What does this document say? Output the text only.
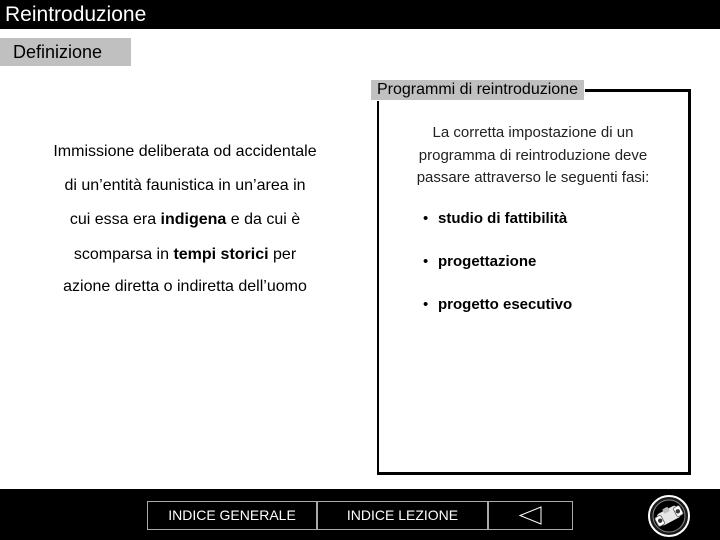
Reintroduzione
Definizione
Immissione deliberata od accidentale
di un’entità faunistica in un’area in
cui essa era indigena e da cui è
scomparsa in tempi storici per
azione diretta o indiretta dell’uomo
Programmi di reintroduzione
La corretta impostazione di un
programma di reintroduzione deve
passare attraverso le seguenti fasi:
• studio di fattibilità
• progettazione
• progetto esecutivo
INDICE GENERALE	INDICE LEZIONE
